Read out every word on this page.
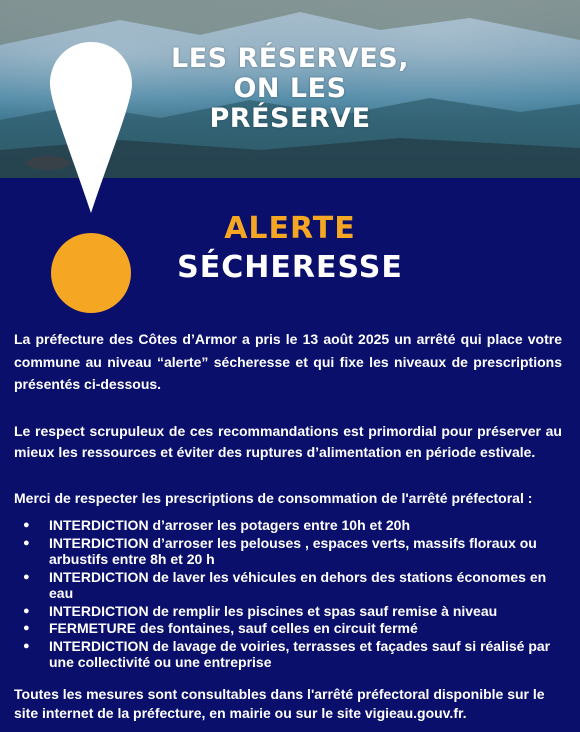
LES RÉSERVES,
ON LES
PRÉSERVE
ALERTE
SÉCHERESSE
La préfecture des Côtes d’Armor a pris le 13 août 2025 un arrêté qui place votre commune au niveau “alerte” sécheresse et qui fixe les niveaux de prescriptions présentés ci-dessous.
Le respect scrupuleux de ces recommandations est primordial pour préserver au mieux les ressources et éviter des ruptures d’alimentation en période estivale.
Merci de respecter les prescriptions de consommation de l'arrêté préfectoral :
● INTERDICTION d’arroser les potagers entre 10h et 20h
● INTERDICTION d’arroser les pelouses , espaces verts, massifs floraux ou arbustifs entre 8h et 20 h
● INTERDICTION de laver les véhicules en dehors des stations économes en eau
● INTERDICTION de remplir les piscines et spas sauf remise à niveau
● FERMETURE des fontaines, sauf celles en circuit fermé
● INTERDICTION de lavage de voiries, terrasses et façades sauf si réalisé par une collectivité ou une entreprise
Toutes les mesures sont consultables dans l'arrêté préfectoral disponible sur le site internet de la préfecture, en mairie ou sur le site vigieau.gouv.fr.
